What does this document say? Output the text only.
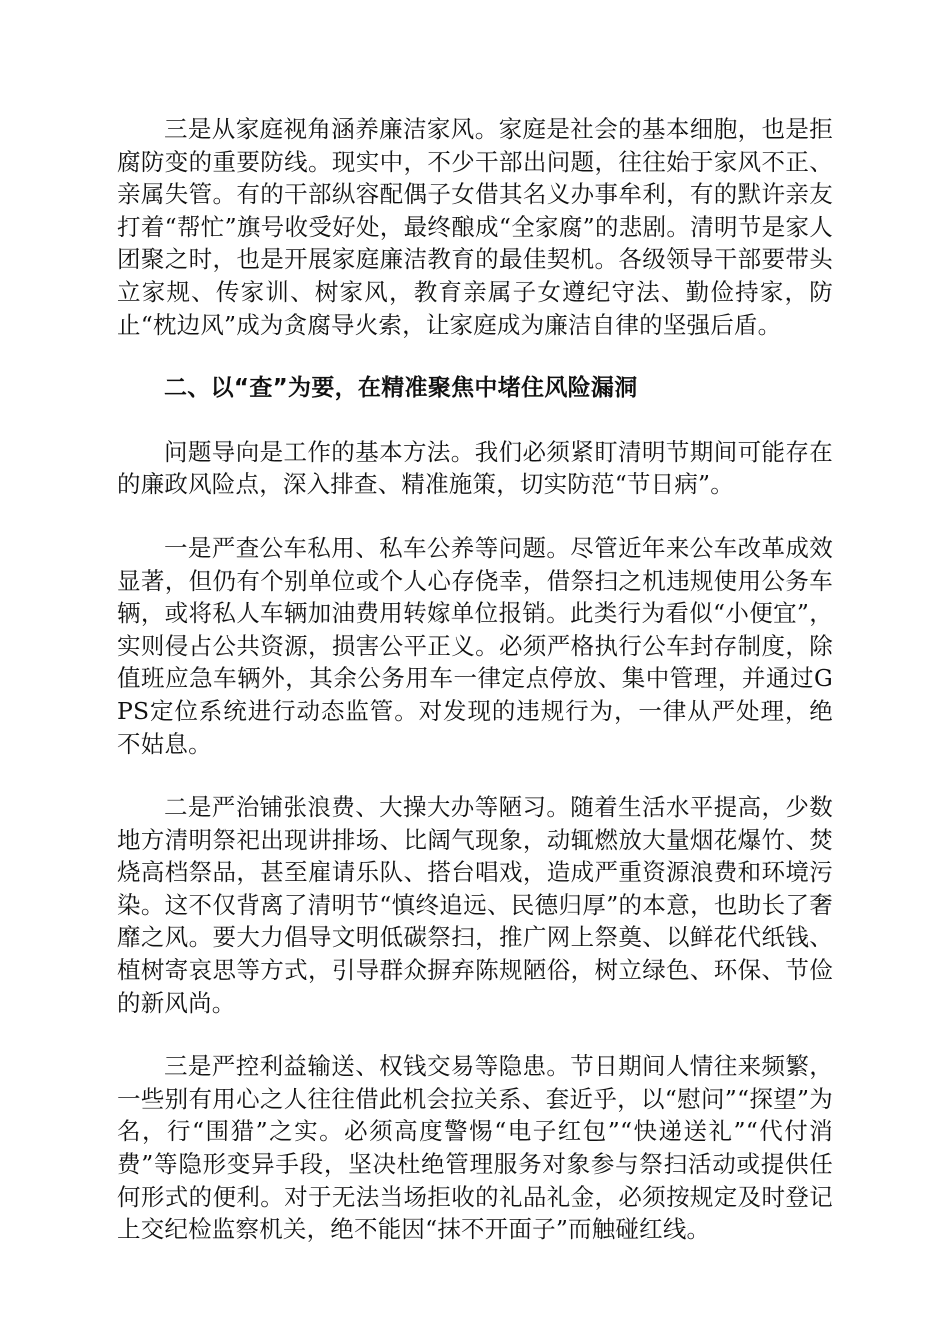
三是从家庭视角涵养廉洁家风。家庭是社会的基本细胞，也是拒腐防变的重要防线。现实中，不少干部出问题，往往始于家风不正、亲属失管。有的干部纵容配偶子女借其名义办事牟利，有的默许亲友打着“帮忙”旗号收受好处，最终酿成“全家腐”的悲剧。清明节是家人团聚之时，也是开展家庭廉洁教育的最佳契机。各级领导干部要带头立家规、传家训、树家风，教育亲属子女遵纪守法、勤俭持家，防止“枕边风”成为贪腐导火索，让家庭成为廉洁自律的坚强后盾。

二、以“查”为要，在精准聚焦中堵住风险漏洞

问题导向是工作的基本方法。我们必须紧盯清明节期间可能存在的廉政风险点，深入排查、精准施策，切实防范“节日病”。

一是严查公车私用、私车公养等问题。尽管近年来公车改革成效显著，但仍有个别单位或个人心存侥幸，借祭扫之机违规使用公务车辆，或将私人车辆加油费用转嫁单位报销。此类行为看似“小便宜”，实则侵占公共资源，损害公平正义。必须严格执行公车封存制度，除值班应急车辆外，其余公务用车一律定点停放、集中管理，并通过GPS定位系统进行动态监管。对发现的违规行为，一律从严处理，绝不姑息。

二是严治铺张浪费、大操大办等陋习。随着生活水平提高，少数地方清明祭祀出现讲排场、比阔气现象，动辄燃放大量烟花爆竹、焚烧高档祭品，甚至雇请乐队、搭台唱戏，造成严重资源浪费和环境污染。这不仅背离了清明节“慎终追远、民德归厚”的本意，也助长了奢靡之风。要大力倡导文明低碳祭扫，推广网上祭奠、以鲜花代纸钱、植树寄哀思等方式，引导群众摒弃陈规陋俗，树立绿色、环保、节俭的新风尚。

三是严控利益输送、权钱交易等隐患。节日期间人情往来频繁，一些别有用心之人往往借此机会拉关系、套近乎，以“慰问”“探望”为名，行“围猎”之实。必须高度警惕“电子红包”“快递送礼”“代付消费”等隐形变异手段，坚决杜绝管理服务对象参与祭扫活动或提供任何形式的便利。对于无法当场拒收的礼品礼金，必须按规定及时登记上交纪检监察机关，绝不能因“抹不开面子”而触碰红线。
